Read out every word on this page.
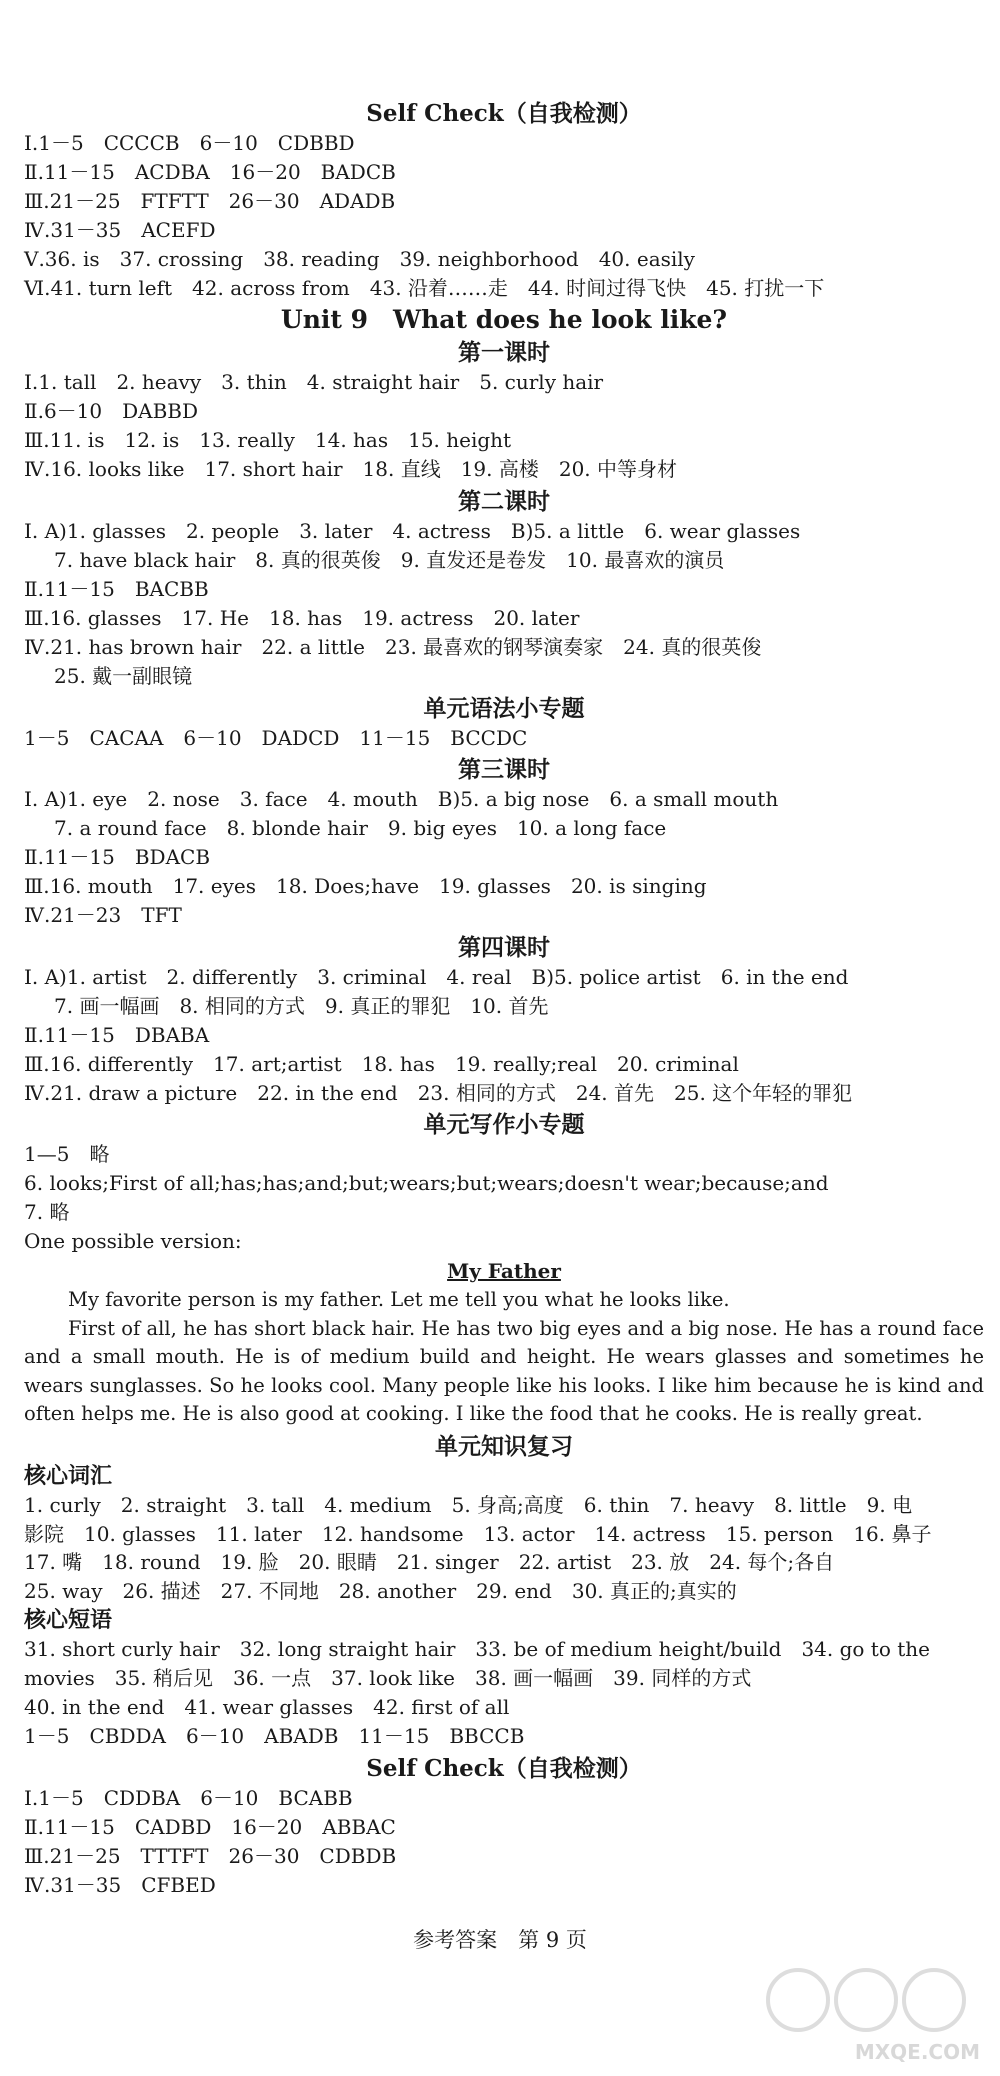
Self Check（自我检测）
Ⅰ.1－5　CCCCB　6－10　CDBBD
Ⅱ.11－15　ACDBA　16－20　BADCB
Ⅲ.21－25　FTFTT　26－30　ADADB
Ⅳ.31－35　ACEFD
Ⅴ.36. is　37. crossing　38. reading　39. neighborhood　40. easily
Ⅵ.41. turn left　42. across from　43. 沿着……走　44. 时间过得飞快　45. 打扰一下
Unit 9　What does he look like?
第一课时
Ⅰ.1. tall　2. heavy　3. thin　4. straight hair　5. curly hair
Ⅱ.6－10　DABBD
Ⅲ.11. is　12. is　13. really　14. has　15. height
Ⅳ.16. looks like　17. short hair　18. 直线　19. 高楼　20. 中等身材
第二课时
Ⅰ. A)1. glasses　2. people　3. later　4. actress　B)5. a little　6. wear glasses
7. have black hair　8. 真的很英俊　9. 直发还是卷发　10. 最喜欢的演员
Ⅱ.11－15　BACBB
Ⅲ.16. glasses　17. He　18. has　19. actress　20. later
Ⅳ.21. has brown hair　22. a little　23. 最喜欢的钢琴演奏家　24. 真的很英俊
25. 戴一副眼镜
单元语法小专题
1－5　CACAA　6－10　DADCD　11－15　BCCDC
第三课时
Ⅰ. A)1. eye　2. nose　3. face　4. mouth　B)5. a big nose　6. a small mouth
7. a round face　8. blonde hair　9. big eyes　10. a long face
Ⅱ.11－15　BDACB
Ⅲ.16. mouth　17. eyes　18. Does;have　19. glasses　20. is singing
Ⅳ.21－23　TFT
第四课时
Ⅰ. A)1. artist　2. differently　3. criminal　4. real　B)5. police artist　6. in the end
7. 画一幅画　8. 相同的方式　9. 真正的罪犯　10. 首先
Ⅱ.11－15　DBABA
Ⅲ.16. differently　17. art;artist　18. has　19. really;real　20. criminal
Ⅳ.21. draw a picture　22. in the end　23. 相同的方式　24. 首先　25. 这个年轻的罪犯
单元写作小专题
1—5　略
6. looks;First of all;has;has;and;but;wears;but;wears;doesn't wear;because;and
7. 略
One possible version:
My Father

My favorite person is my father. Let me tell you what he looks like.

First of all, he has short black hair. He has two big eyes and a big nose. He has a round face and a small mouth. He is of medium build and height. He wears glasses and sometimes he wears sunglasses. So he looks cool. Many people like his looks. I like him because he is kind and often helps me. He is also good at cooking. I like the food that he cooks. He is really great.

单元知识复习
核心词汇
1. curly　2. straight　3. tall　4. medium　5. 身高;高度　6. thin　7. heavy　8. little　9. 电
影院　10. glasses　11. later　12. handsome　13. actor　14. actress　15. person　16. 鼻子
17. 嘴　18. round　19. 脸　20. 眼睛　21. singer　22. artist　23. 放　24. 每个;各自
25. way　26. 描述　27. 不同地　28. another　29. end　30. 真正的;真实的
核心短语
31. short curly hair　32. long straight hair　33. be of medium height/build　34. go to the
movies　35. 稍后见　36. 一点　37. look like　38. 画一幅画　39. 同样的方式
40. in the end　41. wear glasses　42. first of all
1－5　CBDDA　6－10　ABADB　11－15　BBCCB
Self Check（自我检测）
Ⅰ.1－5　CDDBA　6－10　BCABB
Ⅱ.11－15　CADBD　16－20　ABBAC
Ⅲ.21－25　TTTFT　26－30　CDBDB
Ⅳ.31－35　CFBED
参考答案　第 9 页
MXQE.COM
